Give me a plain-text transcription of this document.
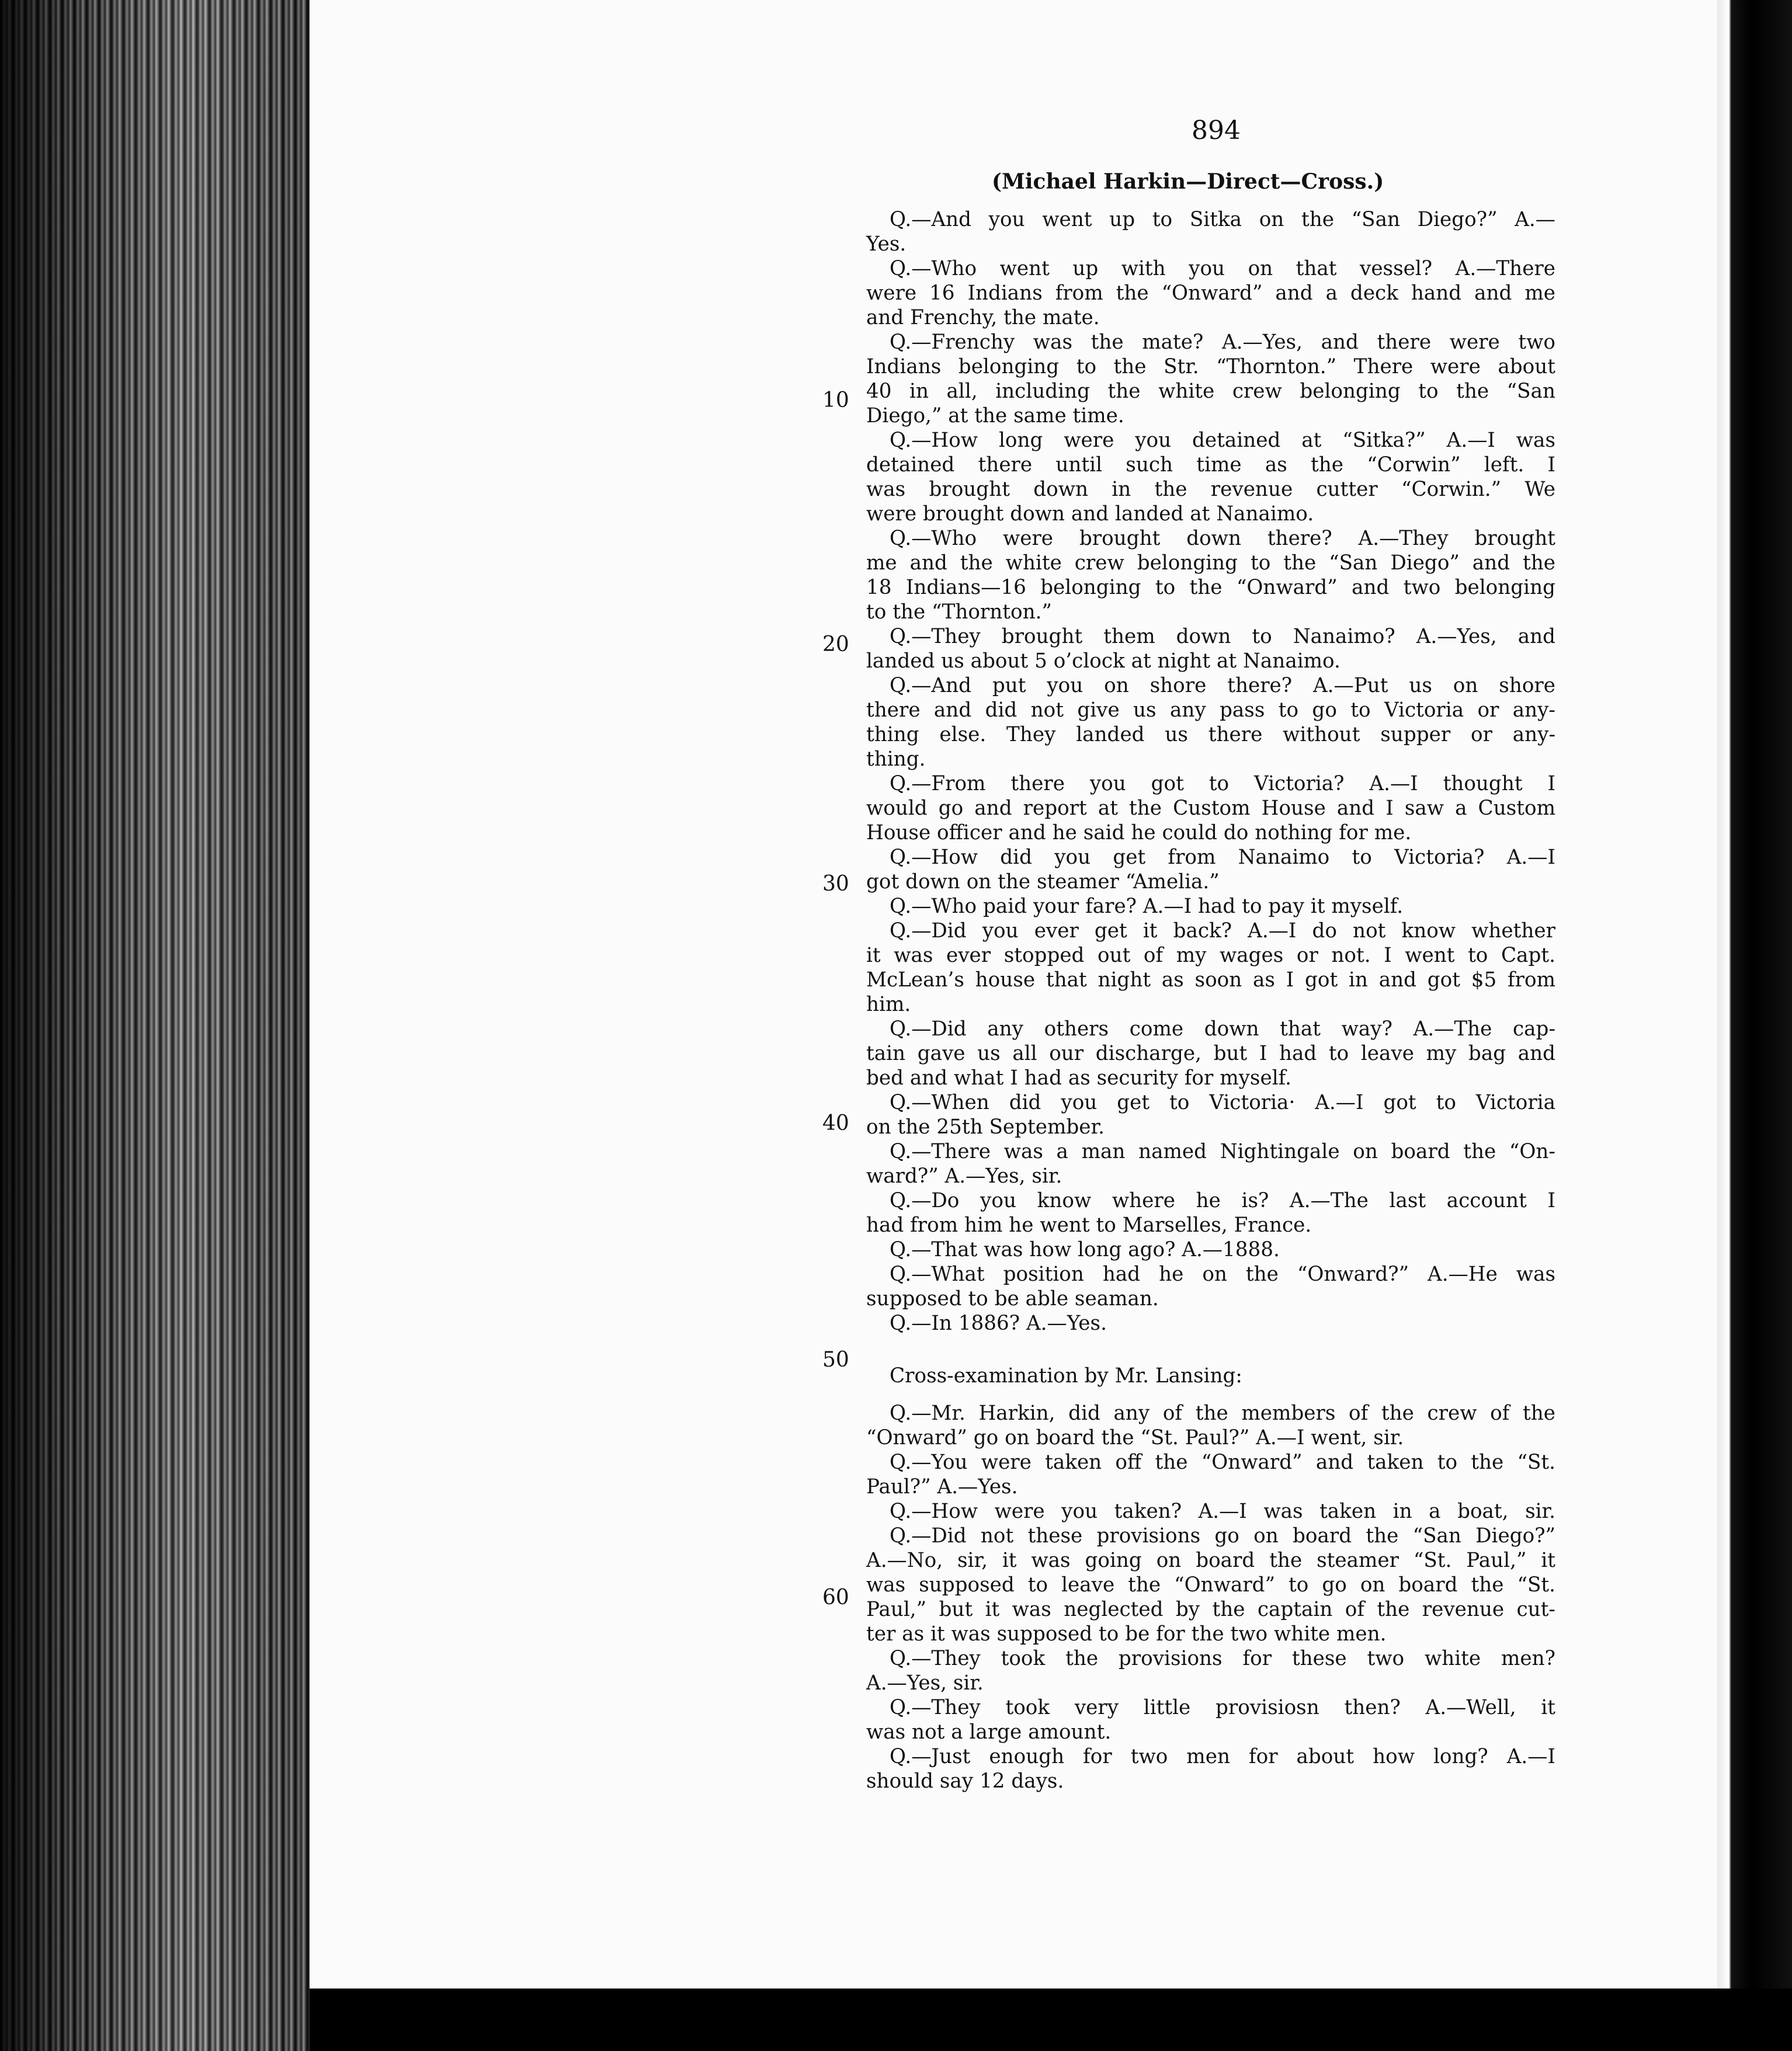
894
(Michael Harkin—Direct—Cross.)
10
20
30
40
50
60
Q.—And you went up to Sitka on the “San Diego?” A.—
Yes.
Q.—Who went up with you on that vessel? A.—There
were 16 Indians from the “Onward” and a deck hand and me
and Frenchy, the mate.
Q.—Frenchy was the mate? A.—Yes, and there were two
Indians belonging to the Str. “Thornton.” There were about
40 in all, including the white crew belonging to the “San
Diego,” at the same time.
Q.—How long were you detained at “Sitka?” A.—I was
detained there until such time as the “Corwin” left. I
was brought down in the revenue cutter “Corwin.” We
were brought down and landed at Nanaimo.
Q.—Who were brought down there? A.—They brought
me and the white crew belonging to the “San Diego” and the
18 Indians—16 belonging to the “Onward” and two belonging
to the “Thornton.”
Q.—They brought them down to Nanaimo? A.—Yes, and
landed us about 5 o’clock at night at Nanaimo.
Q.—And put you on shore there? A.—Put us on shore
there and did not give us any pass to go to Victoria or any-
thing else. They landed us there without supper or any-
thing.
Q.—From there you got to Victoria? A.—I thought I
would go and report at the Custom House and I saw a Custom
House officer and he said he could do nothing for me.
Q.—How did you get from Nanaimo to Victoria? A.—I
got down on the steamer “Amelia.”
Q.—Who paid your fare? A.—I had to pay it myself.
Q.—Did you ever get it back? A.—I do not know whether
it was ever stopped out of my wages or not. I went to Capt.
McLean’s house that night as soon as I got in and got $5 from
him.
Q.—Did any others come down that way? A.—The cap-
tain gave us all our discharge, but I had to leave my bag and
bed and what I had as security for myself.
Q.—When did you get to Victoria· A.—I got to Victoria
on the 25th September.
Q.—There was a man named Nightingale on board the “On-
ward?” A.—Yes, sir.
Q.—Do you know where he is? A.—The last account I
had from him he went to Marselles, France.
Q.—That was how long ago? A.—1888.
Q.—What position had he on the “Onward?” A.—He was
supposed to be able seaman.
Q.—In 1886? A.—Yes.
Cross-examination by Mr. Lansing:
Q.—Mr. Harkin, did any of the members of the crew of the
“Onward” go on board the “St. Paul?” A.—I went, sir.
Q.—You were taken off the “Onward” and taken to the “St.
Paul?” A.—Yes.
Q.—How were you taken? A.—I was taken in a boat, sir.
Q.—Did not these provisions go on board the “San Diego?”
A.—No, sir, it was going on board the steamer “St. Paul,” it
was supposed to leave the “Onward” to go on board the “St.
Paul,” but it was neglected by the captain of the revenue cut-
ter as it was supposed to be for the two white men.
Q.—They took the provisions for these two white men?
A.—Yes, sir.
Q.—They took very little provisiosn then? A.—Well, it
was not a large amount.
Q.—Just enough for two men for about how long? A.—I
should say 12 days.
